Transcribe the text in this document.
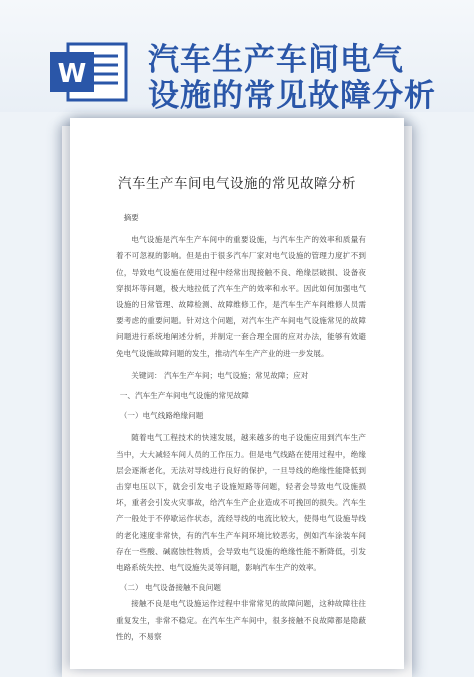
W 汽车生产车间电气
设施的常见故障分析
汽车生产车间电气设施的常见故障分析

摘要

电气设施是汽车生产车间中的重要设施，与汽车生产的效率和质量有着不可忽视的影响。但是由于很多汽车厂家对电气设施的管理力度扩不到位，导致电气设施在使用过程中经常出现接触不良、绝缘层破损、设备夜穿损坏等问题，极大地拉低了汽车生产的效率和水平。因此如何加强电气设施的日常管理、故障检测、故障维修工作，是汽车生产车间维修人员需要考虑的重要问题。针对这个问题，对汽车生产车间电气设施常见的故障问题进行系统地阐述分析，并制定一套合理全面的应对办法，能够有效避免电气设施故障问题的发生，推动汽车生产产业的进一步发展。

关键词： 汽车生产车间；电气设施；常见故障；应对

一、汽车生产车间电气设施的常见故障

（一）电气线路绝缘问题

随着电气工程技术的快速发展，越来越多的电子设施应用到汽车生产当中，大大减轻车间人员的工作压力。但是电气线路在使用过程中，绝缘层会逐渐老化，无法对导线进行良好的保护，一旦导线的绝缘性能降低到击穿电压以下，就会引发电子设施短路等问题，轻者会导致电气设施损坏，重者会引发火灾事故，给汽车生产企业造成不可挽回的损失。汽车生产一般处于不停歇运作状态，流经导线的电流比较大，使得电气设施导线的老化速度非常快，有的汽车生产车间环境比较恶劣，例如汽车涂装车间存在一些酸、碱腐蚀性物质，会导致电气设施的绝缘性能不断降低，引发电路系统失控、电气设施失灵等问题，影响汽车生产的效率。

（二） 电气设备接触不良问题

接触不良是电气设施运作过程中非常常见的故障问题，这种故障往往重复发生，非常不稳定。在汽车生产车间中，很多接触不良故障都是隐蔽性的，不易察
